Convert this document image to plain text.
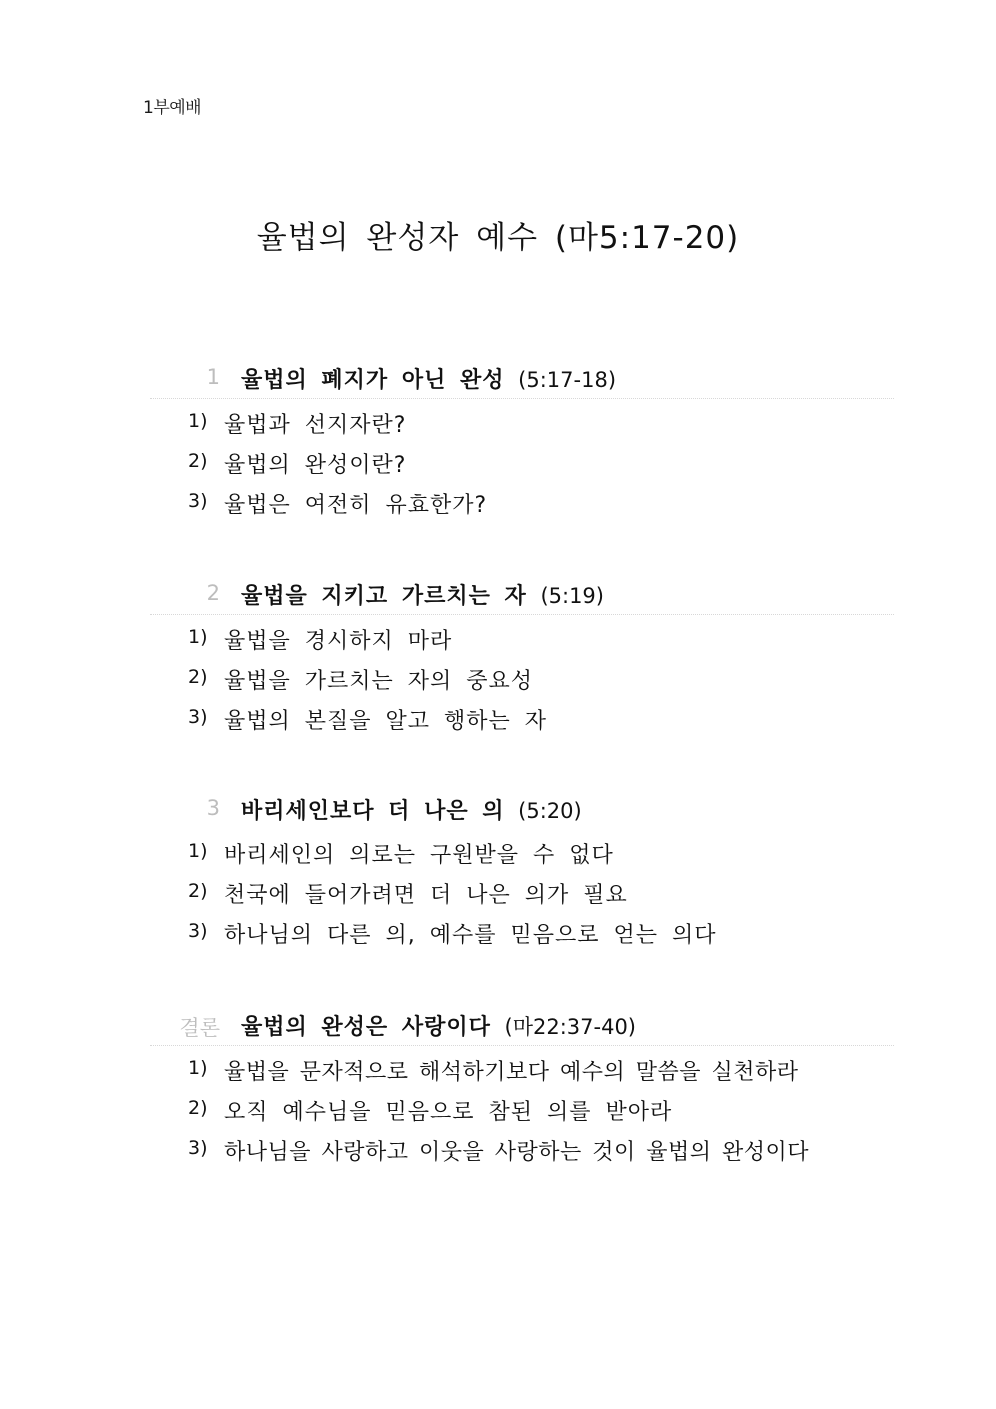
1부예배
율법의 완성자 예수 (마5:17-20)
1 율법의 폐지가 아닌 완성 (5:17-18)
1) 율법과 선지자란?
2) 율법의 완성이란?
3) 율법은 여전히 유효한가?
2 율법을 지키고 가르치는 자 (5:19)
1) 율법을 경시하지 마라
2) 율법을 가르치는 자의 중요성
3) 율법의 본질을 알고 행하는 자
3 바리세인보다 더 나은 의 (5:20)
1) 바리세인의 의로는 구원받을 수 없다
2) 천국에 들어가려면 더 나은 의가 필요
3) 하나님의 다른 의, 예수를 믿음으로 얻는 의다
결론 율법의 완성은 사랑이다 (마22:37-40)
1) 율법을 문자적으로 해석하기보다 예수의 말씀을 실천하라
2) 오직 예수님을 믿음으로 참된 의를 받아라
3) 하나님을 사랑하고 이웃을 사랑하는 것이 율법의 완성이다
